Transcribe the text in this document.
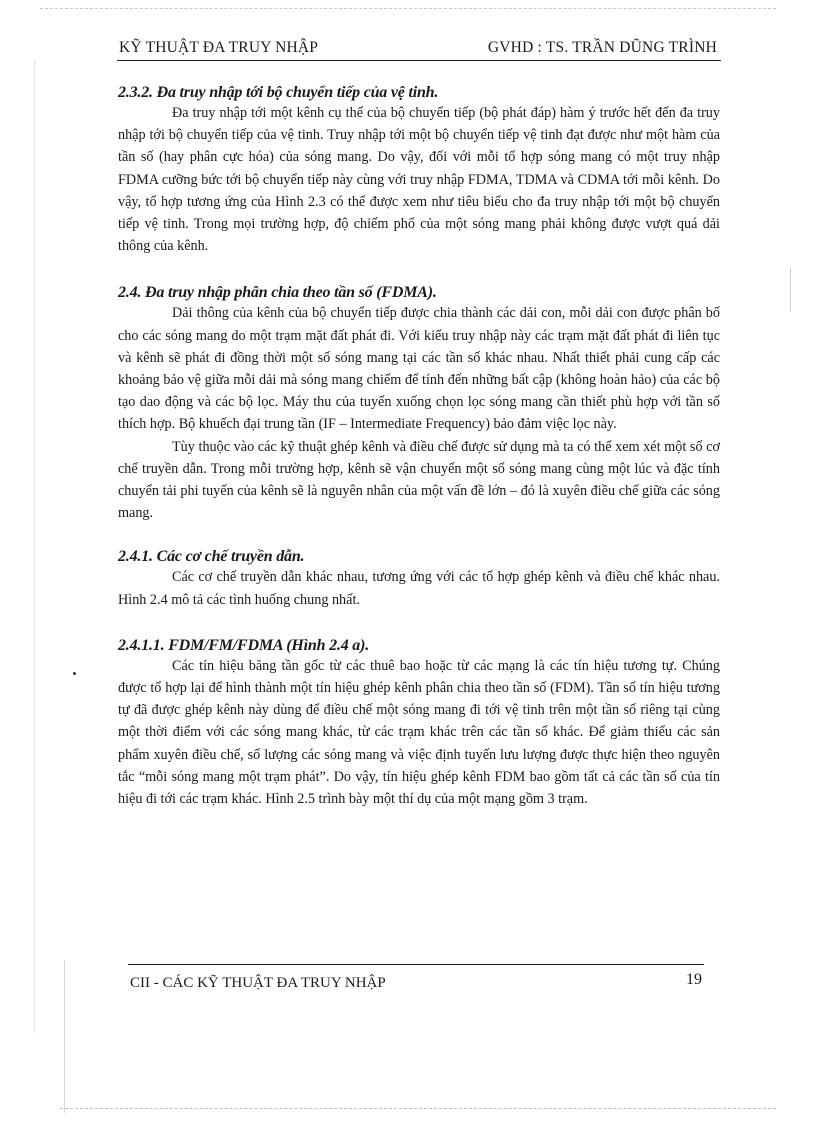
KỸ THUẬT ĐA TRUY NHẬP	GVHD : TS. TRẦN DŨNG TRÌNH
2.3.2. Đa truy nhập tới bộ chuyển tiếp của vệ tinh.

Đa truy nhập tới một kênh cụ thể của bộ chuyển tiếp (bộ phát đáp) hàm ý trước hết đến đa truy nhập tới bộ chuyển tiếp của vệ tinh. Truy nhập tới một bộ chuyển tiếp vệ tinh đạt được như một hàm của tần số (hay phân cực hóa) của sóng mang. Do vậy, đối với mỗi tổ hợp sóng mang có một truy nhập FDMA cưỡng bức tới bộ chuyển tiếp này cùng với truy nhập FDMA, TDMA và CDMA tới mỗi kênh. Do vậy, tổ hợp tương ứng của Hình 2.3 có thể được xem như tiêu biểu cho đa truy nhập tới một bộ chuyển tiếp vệ tinh. Trong mọi trường hợp, độ chiếm phổ của một sóng mang phải không được vượt quá dải thông của kênh.

2.4. Đa truy nhập phân chia theo tần số (FDMA).

Dải thông của kênh của bộ chuyển tiếp được chia thành các dải con, mỗi dải con được phân bố cho các sóng mang do một trạm mặt đất phát đi. Với kiểu truy nhập này các trạm mặt đất phát đi liên tục và kênh sẽ phát đi đồng thời một số sóng mang tại các tần số khác nhau. Nhất thiết phải cung cấp các khoảng bảo vệ giữa mỗi dải mà sóng mang chiếm để tính đến những bất cập (không hoàn hảo) của các bộ tạo dao động và các bộ lọc. Máy thu của tuyến xuống chọn lọc sóng mang cần thiết phù hợp với tần số thích hợp. Bộ khuếch đại trung tần (IF – Intermediate Frequency) bảo đảm việc lọc này.

Tùy thuộc vào các kỹ thuật ghép kênh và điều chế được sử dụng mà ta có thể xem xét một số cơ chế truyền dẫn. Trong mỗi trường hợp, kênh sẽ vận chuyển một số sóng mang cùng một lúc và đặc tính chuyển tải phi tuyến của kênh sẽ là nguyên nhân của một vấn đề lớn – đó là xuyên điều chế giữa các sóng mang.

2.4.1. Các cơ chế truyền dẫn.

Các cơ chế truyền dẫn khác nhau, tương ứng với các tổ hợp ghép kênh và điều chế khác nhau. Hình 2.4 mô tả các tình huống chung nhất.

2.4.1.1. FDM/FM/FDMA (Hình 2.4 a).

Các tín hiệu băng tần gốc từ các thuê bao hoặc từ các mạng là các tín hiệu tương tự. Chúng được tổ hợp lại để hình thành một tín hiệu ghép kênh phân chia theo tần số (FDM). Tần số tín hiệu tương tự đã được ghép kênh này dùng để điều chế một sóng mang đi tới vệ tinh trên một tần số riêng tại cùng một thời điểm với các sóng mang khác, từ các trạm khác trên các tần số khác. Để giảm thiểu các sản phẩm xuyên điều chế, số lượng các sóng mang và việc định tuyến lưu lượng được thực hiện theo nguyên tắc “mỗi sóng mang một trạm phát”. Do vậy, tín hiệu ghép kênh FDM bao gồm tất cả các tần số của tín hiệu đi tới các trạm khác. Hình 2.5 trình bày một thí dụ của một mạng gồm 3 trạm.

CII - CÁC KỸ THUẬT ĐA TRUY NHẬP	19
